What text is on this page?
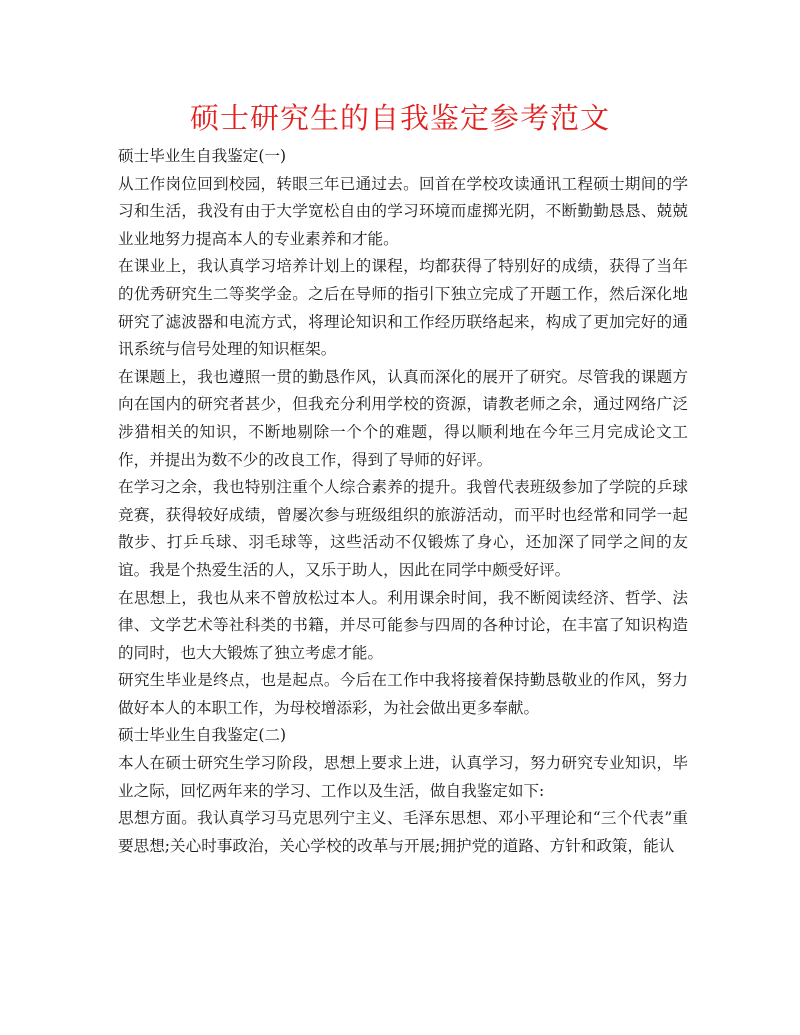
硕士研究生的自我鉴定参考范文

硕士毕业生自我鉴定(一)

从工作岗位回到校园，转眼三年已通过去。回首在学校攻读通讯工程硕士期间的学习和生活，我没有由于大学宽松自由的学习环境而虚掷光阴，不断勤勤恳恳、兢兢业业地努力提高本人的专业素养和才能。

在课业上，我认真学习培养计划上的课程，均都获得了特别好的成绩，获得了当年的优秀研究生二等奖学金。之后在导师的指引下独立完成了开题工作，然后深化地研究了滤波器和电流方式，将理论知识和工作经历联络起来，构成了更加完好的通讯系统与信号处理的知识框架。

在课题上，我也遵照一贯的勤恳作风，认真而深化的展开了研究。尽管我的课题方向在国内的研究者甚少，但我充分利用学校的资源，请教老师之余，通过网络广泛涉猎相关的知识，不断地剔除一个个的难题，得以顺利地在今年三月完成论文工作，并提出为数不少的改良工作，得到了导师的好评。

在学习之余，我也特别注重个人综合素养的提升。我曾代表班级参加了学院的乒球竞赛，获得较好成绩，曾屡次参与班级组织的旅游活动，而平时也经常和同学一起散步、打乒乓球、羽毛球等，这些活动不仅锻炼了身心，还加深了同学之间的友谊。我是个热爱生活的人，又乐于助人，因此在同学中颇受好评。

在思想上，我也从来不曾放松过本人。利用课余时间，我不断阅读经济、哲学、法律、文学艺术等社科类的书籍，并尽可能参与四周的各种讨论，在丰富了知识构造的同时，也大大锻炼了独立考虑才能。

研究生毕业是终点，也是起点。今后在工作中我将接着保持勤恳敬业的作风，努力做好本人的本职工作，为母校增添彩，为社会做出更多奉献。

硕士毕业生自我鉴定(二)

本人在硕士研究生学习阶段，思想上要求上进，认真学习，努力研究专业知识，毕业之际，回忆两年来的学习、工作以及生活，做自我鉴定如下:

思想方面。我认真学习马克思列宁主义、毛泽东思想、邓小平理论和“三个代表”重要思想;关心时事政治，关心学校的改革与开展;拥护党的道路、方针和政策，能认
